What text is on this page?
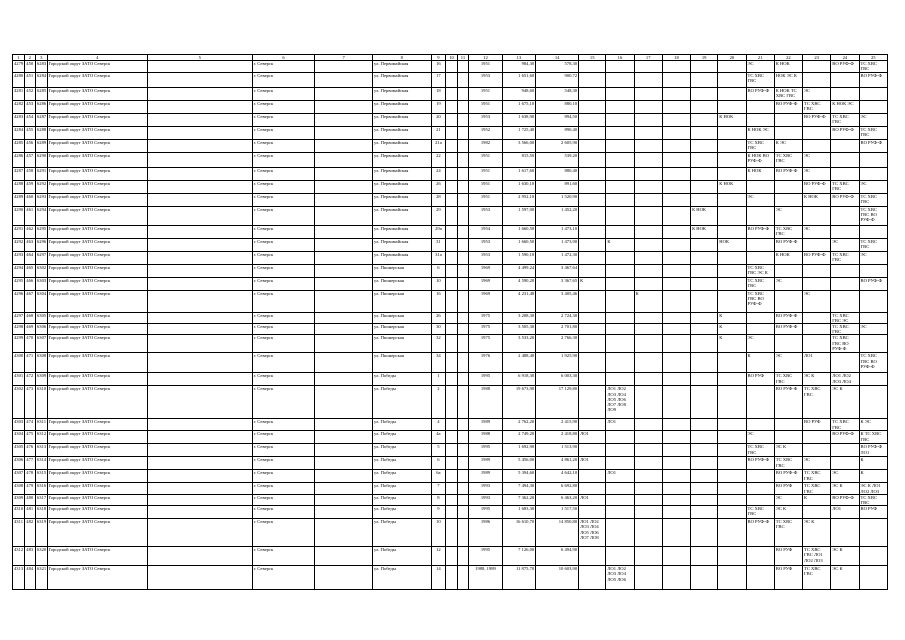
1	2	3	4	5	6	7	8	9	10	11	12	13	14	15	16	17	18	19	20	21	22	23	24	25
4279	450	6283	Городской округ ЗАТО Северск		г. Северск		ул. Первомайская	16			1951	984,30	578,30							ЭС	К НОК		ВО РУФ-Ф	ТС ХВС ГВС
4280	451	6284	Городской округ ЗАТО Северск		г. Северск		ул. Первомайская	17			1953	1 651,60	900,72							ТС ХВС ГВС	НОК ЭС К			ВО РУФ-Ф
4281	452	6285	Городской округ ЗАТО Северск		г. Северск		ул. Первомайская	18			1951	948,60	548,30							ВО РУФ-Ф	К НОК ТС ХВС ГВС	ЭС		
4282	453	6286	Городской округ ЗАТО Северск		г. Северск		ул. Первомайская	19			1951	1 675,10	880,10								ВО РУФ-Ф	ТС ХВС ГВС	К НОК ЭС	
4283	454	6287	Городской округ ЗАТО Северск		г. Северск		ул. Первомайская	20			1953	1 638,90	894,50						К НОК			ВО РУФ-Ф	ТС ХВС ГВС	ЭС
4284	455	6288	Городской округ ЗАТО Северск		г. Северск		ул. Первомайская	21			1952	1 725,40	890,40							К НОК ЭС			ВО РУФ-Ф	ТС ХВС ГВС
4285	456	6289	Городской округ ЗАТО Северск		г. Северск		ул. Первомайская	21а			1982	3 566,00	2 605,90							ТС ХВС ГВС	К ЭС			ВО РУФ-Ф
4286	457	6290	Городской округ ЗАТО Северск		г. Северск		ул. Первомайская	22			1951	815,50	539,20							К НОК ВО РУФ-Ф	ТС ХВС ГВС	ЭС		
4287	458	6291	Городской округ ЗАТО Северск		г. Северск		ул. Первомайская	24			1951	1 617,60	880,40							К НОК	ВО РУФ-Ф	ЭС		
4288	459	6292	Городской округ ЗАТО Северск		г. Северск		ул. Первомайская	26			1951	1 630,10	891,60						К НОК			ВО РУФ-Ф	ТС ХВС ГВС	ЭС
4289	460	6293	Городской округ ЗАТО Северск		г. Северск		ул. Первомайская	28			1951	2 952,10	1 520,90							ЭС		К НОК	ВО РУФ-Ф	ТС ХВС ГВС
4290	461	6294	Городской округ ЗАТО Северск		г. Северск		ул. Первомайская	29			1953	1 597,00	1 452,20					К НОК			ЭС			ТС ХВС ГВС ВО РУФ-Ф
4291	462	6295	Городской округ ЗАТО Северск		г. Северск		ул. Первомайская	29а			1954	1 660,50	1 473,10					К НОК		ВО РУФ-Ф	ТС ХВС ГВС	ЭС		
4292	463	6296	Городской округ ЗАТО Северск		г. Северск		ул. Первомайская	31			1953	1 660,50	1 473,90		К				НОК		ВО РУФ-Ф		ЭС	ТС ХВС ГВС
4293	464	6297	Городской округ ЗАТО Северск		г. Северск		ул. Первомайская	31а			1953	1 590,10	1 472,30								К НОК	ВО РУФ-Ф	ТС ХВС ГВС	ЭС
4294	465	6302	Городской округ ЗАТО Северск		г. Северск		ул. Пионерская	6			1969	4 499,24	3 467,64							ТС ХВС ГВС ЭС К				
4295	466	6303	Городской округ ЗАТО Северск		г. Северск		ул. Пионерская	10			1969	4 590,20	3 367,65	К						ТС ХВС ГВС	ЭС			ВО РУФ-Ф
4296	467	6304	Городской округ ЗАТО Северск		г. Северск		ул. Пионерская	16			1969	4 231,48	3 405,46			К				ТС ХВС ГВС ВО РУФ-Ф		ЭС		
4297	468	6305	Городской округ ЗАТО Северск		г. Северск		ул. Пионерская	26			1975	3 208,30	2 724,30						К		ВО РУФ-Ф		ТС ХВС ГВС ЭС	
4298	469	6306	Городской округ ЗАТО Северск		г. Северск		ул. Пионерская	30			1975	3 505,30	2 701,80						К		ВО РУФ-Ф		ТС ХВС ГВС	ЭС
4299	470	6307	Городской округ ЗАТО Северск		г. Северск		ул. Пионерская	32			1975	3 533,20	2 766,30						К	ЭС			ТС ХВС ГВС ВО РУФ-Ф	
4300	471	6308	Городской округ ЗАТО Северск		г. Северск		ул. Пионерская	34			1976	2 488,40	1 925,90							К	ЭС	ЛО1		ТС ХВС ГВС ВО РУФ-Ф
4301	472	6309	Городской округ ЗАТО Северск		г. Северск		ул. Победы	1			1995	6 918,30	6 003,30							ВО РУФ	ТС ХВС ГВС	ЭС К	ЛО1 ЛО2 ЛО3 ЛО4	
4302	473	6310	Городской округ ЗАТО Северск		г. Северск		ул. Победы	2			1988	19 673,90	17 129,80		ЛО1 ЛО2 ЛО3 ЛО4 ЛО5 ЛО6 ЛО7 ЛО8 ЛО9						ВО РУФ-Ф	ТС ХВС ГВС	ЭС К	
4303	474	6311	Городской округ ЗАТО Северск		г. Северск		ул. Победы	4			1989	2 762,20	2 415,90		ЛО1							ВО РУФ	ТС ХВС ГВС	К ЭС
4304	475	6312	Городской округ ЗАТО Северск		г. Северск		ул. Победы	4а			1988	2 749,20	2 418,80	ЛО1						ЭС			ВО РУФ-Ф	К ТС ХВС ГВС
4305	476	6313	Городской округ ЗАТО Северск		г. Северск		ул. Победы	5			1995	1 692,90	1 513,90							ТС ХВС ГВС	ЭС К			ВО РУФ-Ф ЛО1
4306	477	6314	Городской округ ЗАТО Северск		г. Северск		ул. Победы	6			1989	5 456,00	4 861,20	ЛО1						ВО РУФ-Ф	ТС ХВС ГВС	ЭС		К
4307	478	6315	Городской округ ЗАТО Северск		г. Северск		ул. Победы	6а			1989	5 394,60	4 642,10		ЛО1						ВО РУФ-Ф	ТС ХВС ГВС	ЭС	К
4308	479	6316	Городской округ ЗАТО Северск		г. Северск		ул. Победы	7			1993	7 494,30	6 692,80								ВО РУФ	ТС ХВС ГВС	ЭС К	ЭС К ЛО1 ЛО2 ЛО3
4309	480	6317	Городской округ ЗАТО Северск		г. Северск		ул. Победы	8			1993	7 362,20	6 463,20	ЛО1							ЭС	К	ВО РУФ-Ф	ТС ХВС ГВС
4310	481	6318	Городской округ ЗАТО Северск		г. Северск		ул. Победы	9			1995	1 683,30	1 517,50							ТС ХВС ГВС	ЭС К		ЛО1	ВО РУФ
4311	482	6319	Городской округ ЗАТО Северск		г. Северск		ул. Победы	10			1986	16 610,70	14 850,80	ЛО1 ЛО2 ЛО3 ЛО4 ЛО5 ЛО6 ЛО7 ЛО8						ВО РУФ-Ф	ТС ХВС ГВС	ЭС К		
4312	483	6320	Городской округ ЗАТО Северск		г. Северск		ул. Победы	12			1995	7 126,00	6 494,90								ВО РУФ	ТС ХВС ГВС ЛО1 ЛО2 ЛО3	ЭС К	
4313	484	6321	Городской округ ЗАТО Северск		г. Северск		ул. Победы	14			1988, 1989	11 875,70	10 603,90		ЛО1 ЛО2 ЛО3 ЛО4 ЛО5 ЛО6						ВО РУФ	ТС ХВС ГВС	ЭС К	
